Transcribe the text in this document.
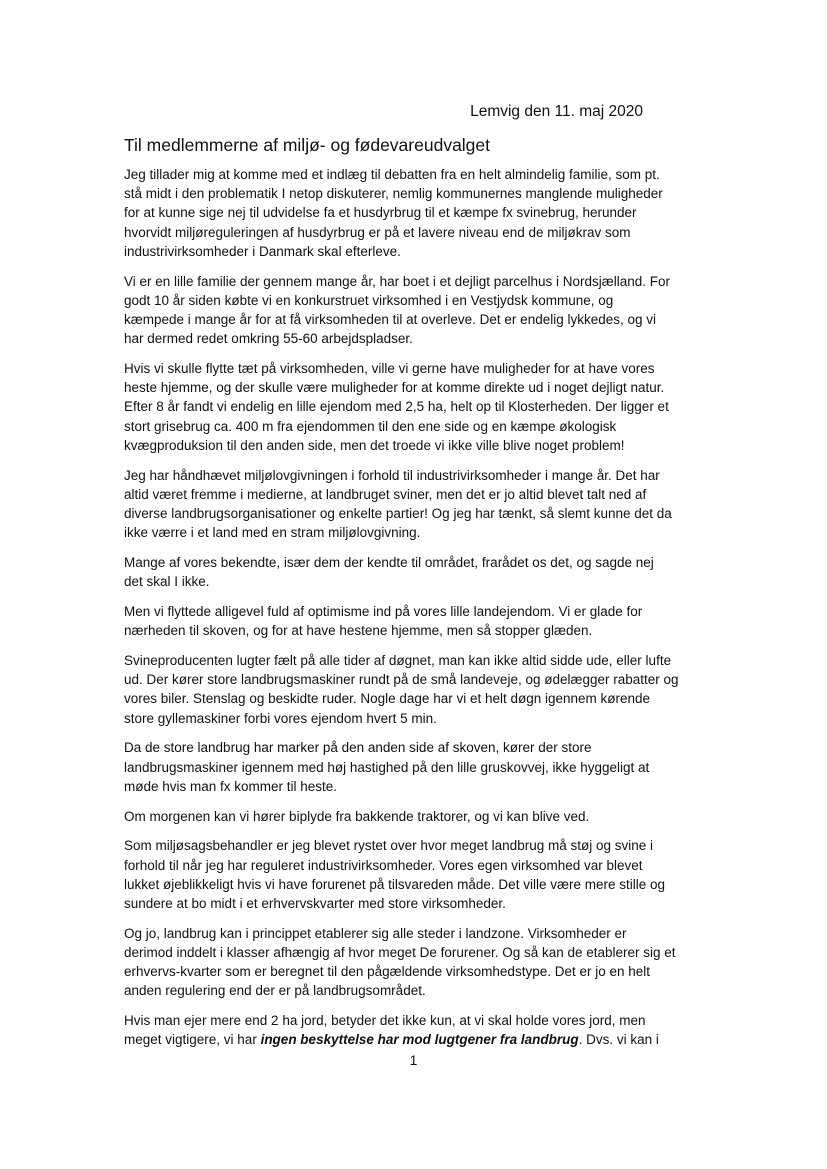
Lemvig den 11. maj 2020
Til medlemmerne af miljø- og fødevareudvalget

Jeg tillader mig at komme med et indlæg til debatten fra en helt almindelig familie, som pt.
stå midt i den problematik I netop diskuterer, nemlig kommunernes manglende muligheder
for at kunne sige nej til udvidelse fa et husdyrbrug til et kæmpe fx svinebrug, herunder
hvorvidt miljøreguleringen af husdyrbrug er på et lavere niveau end de miljøkrav som
industrivirksomheder i Danmark skal efterleve.

Vi er en lille familie der gennem mange år, har boet i et dejligt parcelhus i Nordsjælland. For
godt 10 år siden købte vi en konkurstruet virksomhed i en Vestjydsk kommune, og
kæmpede i mange år for at få virksomheden til at overleve. Det er endelig lykkedes, og vi
har dermed redet omkring 55-60 arbejdspladser.

Hvis vi skulle flytte tæt på virksomheden, ville vi gerne have muligheder for at have vores
heste hjemme, og der skulle være muligheder for at komme direkte ud i noget dejligt natur.
Efter 8 år fandt vi endelig en lille ejendom med 2,5 ha, helt op til Klosterheden. Der ligger et
stort grisebrug ca. 400 m fra ejendommen til den ene side og en kæmpe økologisk
kvægproduksion til den anden side, men det troede vi ikke ville blive noget problem!

Jeg har håndhævet miljølovgivningen i forhold til industrivirksomheder i mange år. Det har
altid været fremme i medierne, at landbruget sviner, men det er jo altid blevet talt ned af
diverse landbrugsorganisationer og enkelte partier! Og jeg har tænkt, så slemt kunne det da
ikke værre i et land med en stram miljølovgivning.

Mange af vores bekendte, især dem der kendte til området, frarådet os det, og sagde nej
det skal I ikke.

Men vi flyttede alligevel fuld af optimisme ind på vores lille landejendom. Vi er glade for
nærheden til skoven, og for at have hestene hjemme, men så stopper glæden.

Svineproducenten lugter fælt på alle tider af døgnet, man kan ikke altid sidde ude, eller lufte
ud. Der kører store landbrugsmaskiner rundt på de små landeveje, og ødelægger rabatter og
vores biler. Stenslag og beskidte ruder. Nogle dage har vi et helt døgn igennem kørende
store gyllemaskiner forbi vores ejendom hvert 5 min.

Da de store landbrug har marker på den anden side af skoven, kører der store
landbrugsmaskiner igennem med høj hastighed på den lille gruskovvej, ikke hyggeligt at
møde hvis man fx kommer til heste.

Om morgenen kan vi hører biplyde fra bakkende traktorer, og vi kan blive ved.

Som miljøsagsbehandler er jeg blevet rystet over hvor meget landbrug må støj og svine i
forhold til når jeg har reguleret industrivirksomheder. Vores egen virksomhed var blevet
lukket øjeblikkeligt hvis vi have forurenet på tilsvareden måde. Det ville være mere stille og
sundere at bo midt i et erhvervskvarter med store virksomheder.

Og jo, landbrug kan i princippet etablerer sig alle steder i landzone. Virksomheder er
derimod inddelt i klasser afhængig af hvor meget De forurener. Og så kan de etablerer sig et
erhvervs-kvarter som er beregnet til den pågældende virksomhedstype. Det er jo en helt
anden regulering end der er på landbrugsområdet.

Hvis man ejer mere end 2 ha jord, betyder det ikke kun, at vi skal holde vores jord, men
meget vigtigere, vi har ingen beskyttelse har mod lugtgener fra landbrug. Dvs. vi kan i

1
